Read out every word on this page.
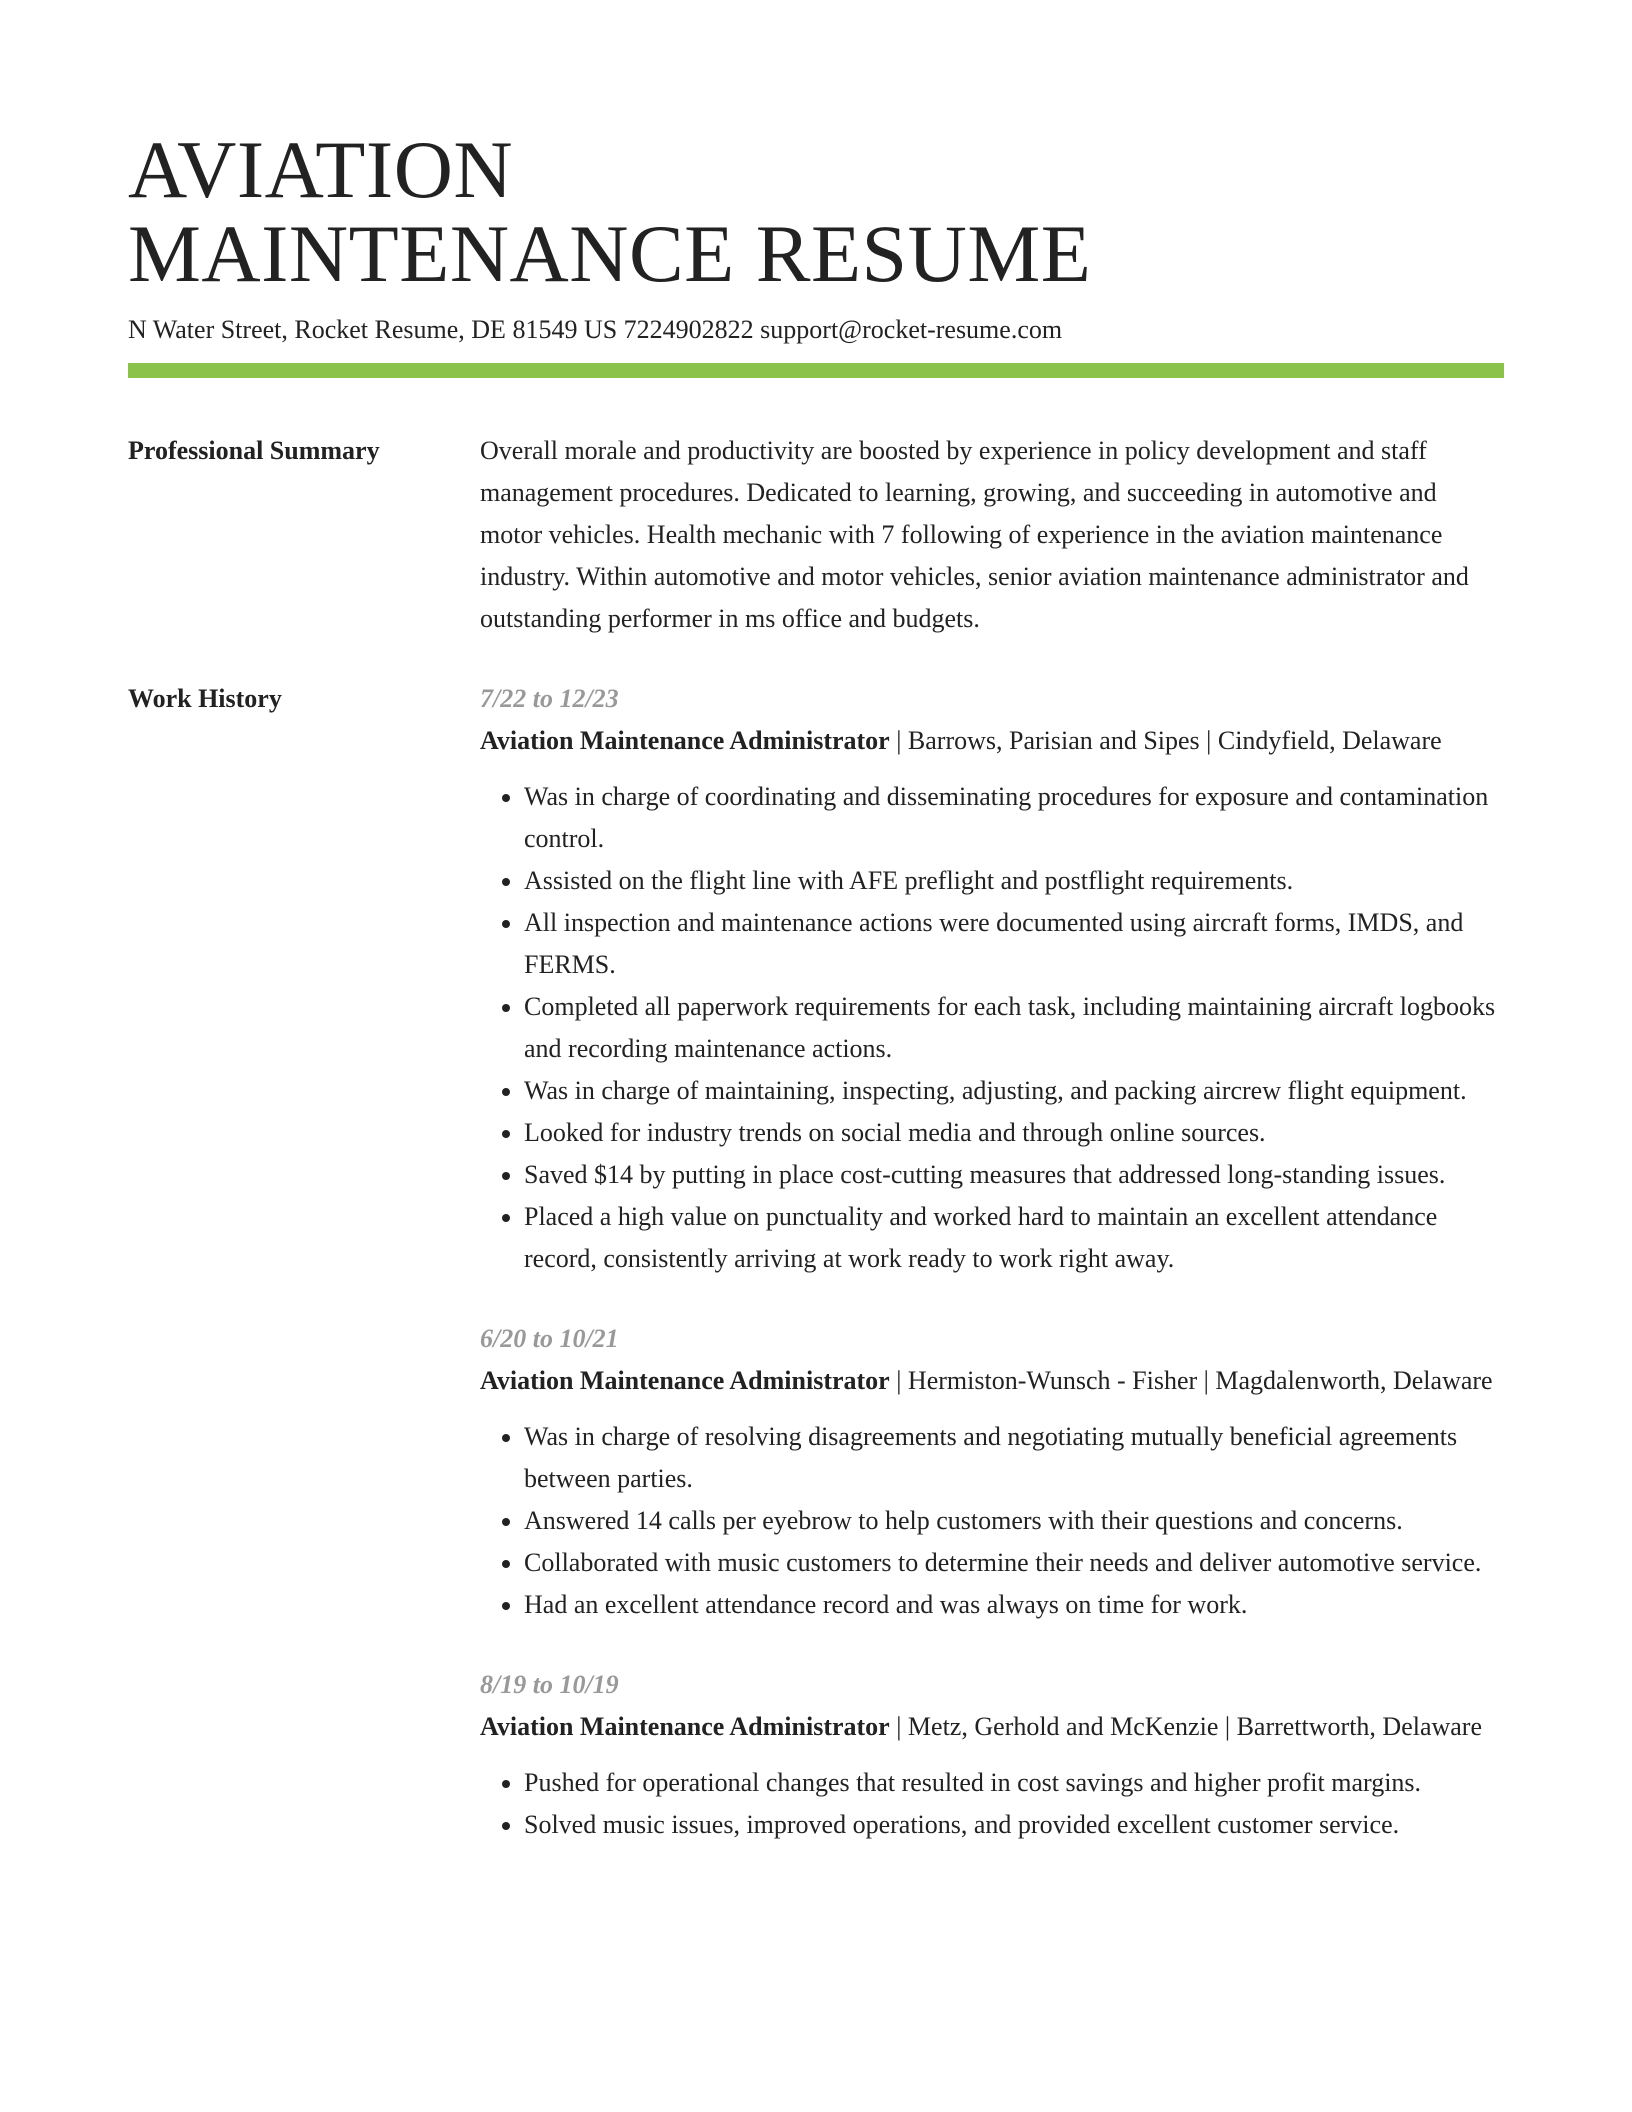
AVIATION
MAINTENANCE RESUME
N Water Street, Rocket Resume, DE 81549 US 7224902822 support@rocket-resume.com
Professional Summary	Overall morale and productivity are boosted by experience in policy development and staff management procedures. Dedicated to learning, growing, and succeeding in automotive and motor vehicles. Health mechanic with 7 following of experience in the aviation maintenance industry. Within automotive and motor vehicles, senior aviation maintenance administrator and outstanding performer in ms office and budgets.

Work History	7/22 to 12/23
Aviation Maintenance Administrator | Barrows, Parisian and Sipes | Cindyfield, Delaware
• Was in charge of coordinating and disseminating procedures for exposure and contamination control.
• Assisted on the flight line with AFE preflight and postflight requirements.
• All inspection and maintenance actions were documented using aircraft forms, IMDS, and FERMS.
• Completed all paperwork requirements for each task, including maintaining aircraft logbooks and recording maintenance actions.
• Was in charge of maintaining, inspecting, adjusting, and packing aircrew flight equipment.
• Looked for industry trends on social media and through online sources.
• Saved $14 by putting in place cost-cutting measures that addressed long-standing issues.
• Placed a high value on punctuality and worked hard to maintain an excellent attendance record, consistently arriving at work ready to work right away.
6/20 to 10/21
Aviation Maintenance Administrator | Hermiston-Wunsch - Fisher | Magdalenworth, Delaware
• Was in charge of resolving disagreements and negotiating mutually beneficial agreements between parties.
• Answered 14 calls per eyebrow to help customers with their questions and concerns.
• Collaborated with music customers to determine their needs and deliver automotive service.
• Had an excellent attendance record and was always on time for work.
8/19 to 10/19
Aviation Maintenance Administrator | Metz, Gerhold and McKenzie | Barrettworth, Delaware
• Pushed for operational changes that resulted in cost savings and higher profit margins.
• Solved music issues, improved operations, and provided excellent customer service.
